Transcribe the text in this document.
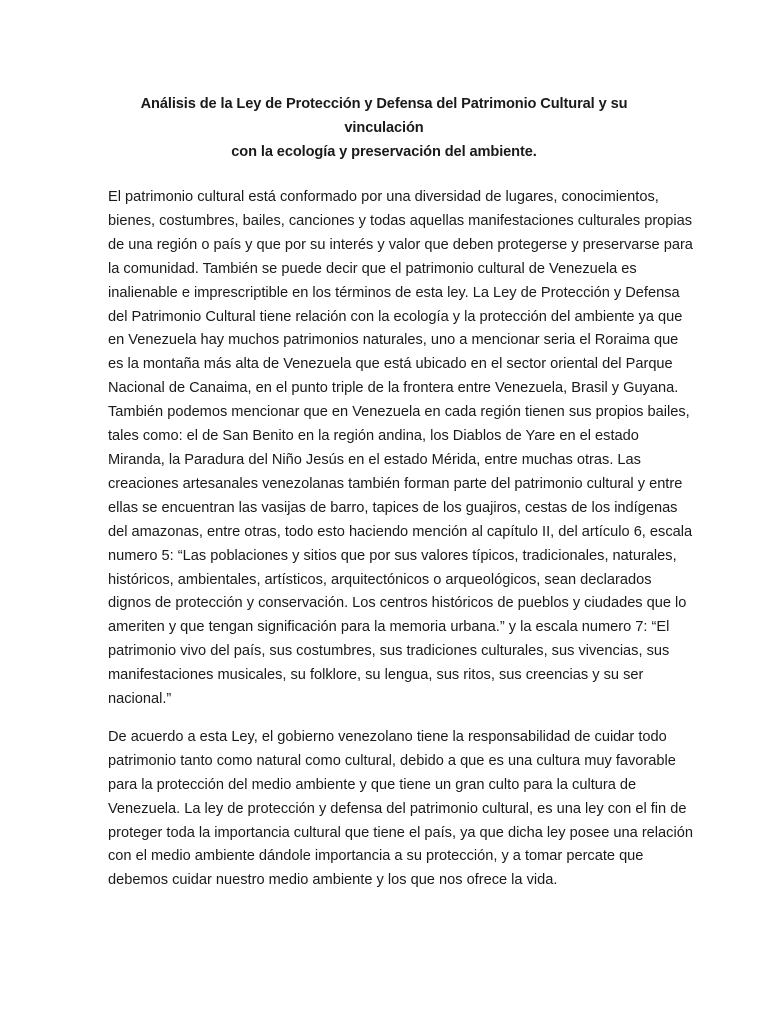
Análisis de la Ley de Protección y Defensa del Patrimonio Cultural y su vinculación
con la ecología y preservación del ambiente.

El patrimonio cultural está conformado por una diversidad de lugares, conocimientos,
bienes, costumbres, bailes, canciones y todas aquellas manifestaciones culturales propias
de una región o país y que por su interés y valor que deben protegerse y preservarse para
la comunidad. También se puede decir que el patrimonio cultural de Venezuela es
inalienable e imprescriptible en los términos de esta ley. La Ley de Protección y Defensa
del Patrimonio Cultural tiene relación con la ecología y la protección del ambiente ya que
en Venezuela hay muchos patrimonios naturales, uno a mencionar seria el Roraima que
es la montaña más alta de Venezuela que está ubicado en el sector oriental del Parque
Nacional de Canaima, en el punto triple de la frontera entre Venezuela, Brasil y Guyana.
También podemos mencionar que en Venezuela en cada región tienen sus propios bailes,
tales como: el de San Benito en la región andina, los Diablos de Yare en el estado
Miranda, la Paradura del Niño Jesús en el estado Mérida, entre muchas otras. Las
creaciones artesanales venezolanas también forman parte del patrimonio cultural y entre
ellas se encuentran las vasijas de barro, tapices de los guajiros, cestas de los indígenas
del amazonas, entre otras, todo esto haciendo mención al capítulo II, del artículo 6, escala
numero 5: “Las poblaciones y sitios que por sus valores típicos, tradicionales, naturales,
históricos, ambientales, artísticos, arquitectónicos o arqueológicos, sean declarados
dignos de protección y conservación. Los centros históricos de pueblos y ciudades que lo
ameriten y que tengan significación para la memoria urbana.” y la escala numero 7: “El
patrimonio vivo del país, sus costumbres, sus tradiciones culturales, sus vivencias, sus
manifestaciones musicales, su folklore, su lengua, sus ritos, sus creencias y su ser
nacional.”

De acuerdo a esta Ley, el gobierno venezolano tiene la responsabilidad de cuidar todo
patrimonio tanto como natural como cultural, debido a que es una cultura muy favorable
para la protección del medio ambiente y que tiene un gran culto para la cultura de
Venezuela. La ley de protección y defensa del patrimonio cultural, es una ley con el fin de
proteger toda la importancia cultural que tiene el país, ya que dicha ley posee una relación
con el medio ambiente dándole importancia a su protección, y a tomar percate que
debemos cuidar nuestro medio ambiente y los que nos ofrece la vida.
